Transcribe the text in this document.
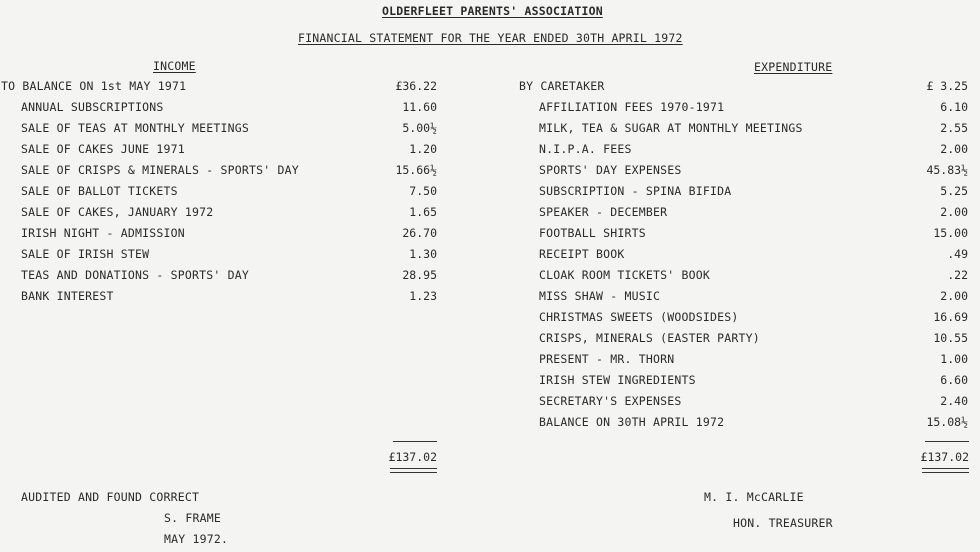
OLDERFLEET PARENTS' ASSOCIATION
FINANCIAL STATEMENT FOR THE YEAR ENDED 30TH APRIL 1972
INCOME	EXPENDITURE
TO BALANCE ON 1st MAY 1971	£36.22
ANNUAL SUBSCRIPTIONS	11.60
SALE OF TEAS AT MONTHLY MEETINGS	5.00½
SALE OF CAKES JUNE 1971	1.20
SALE OF CRISPS & MINERALS - SPORTS' DAY	15.66½
SALE OF BALLOT TICKETS	7.50
SALE OF CAKES, JANUARY 1972	1.65
IRISH NIGHT - ADMISSION	26.70
SALE OF IRISH STEW	1.30
TEAS AND DONATIONS - SPORTS' DAY	28.95
BANK INTEREST	1.23
BY CARETAKER	£ 3.25
AFFILIATION FEES 1970-1971	6.10
MILK, TEA & SUGAR AT MONTHLY MEETINGS	2.55
N.I.P.A. FEES	2.00
SPORTS' DAY EXPENSES	45.83½
SUBSCRIPTION - SPINA BIFIDA	5.25
SPEAKER - DECEMBER	2.00
FOOTBALL SHIRTS	15.00
RECEIPT BOOK	.49
CLOAK ROOM TICKETS' BOOK	.22
MISS SHAW - MUSIC	2.00
CHRISTMAS SWEETS (WOODSIDES)	16.69
CRISPS, MINERALS (EASTER PARTY)	10.55
PRESENT - MR. THORN	1.00
IRISH STEW INGREDIENTS	6.60
SECRETARY'S EXPENSES	2.40
BALANCE ON 30TH APRIL 1972	15.08½
£137.02	£137.02
AUDITED AND FOUND CORRECT
S. FRAME
MAY 1972.
M. I. McCARLIE
HON. TREASURER
